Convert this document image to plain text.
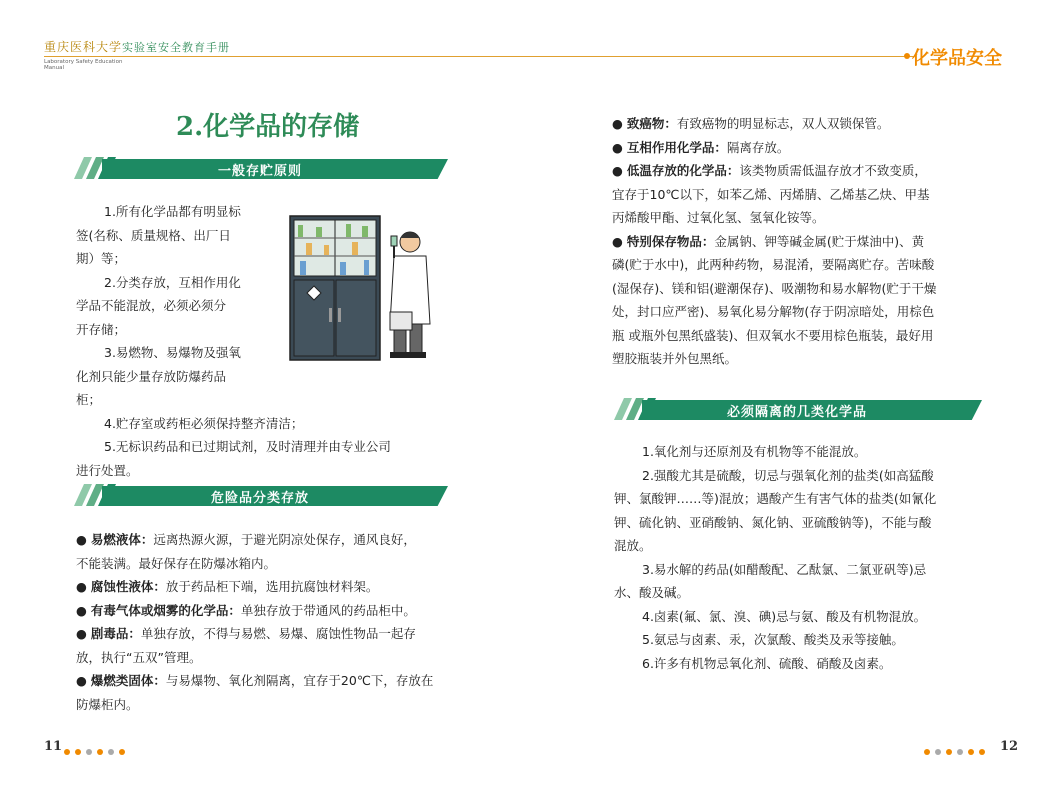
重庆医科大学实验室安全教育手册
Laboratory Safety Education
Manual	化学品安全
2.化学品的存储
一般存贮原则
1.所有化学品都有明显标
签(名称、质量规格、出厂日
期）等；
2.分类存放，互相作用化
学品不能混放，必须必须分
开存储；
3.易燃物、易爆物及强氧
化剂只能少量存放防爆药品
柜；
4.贮存室或药柜必须保持整齐清洁；
5.无标识药品和已过期试剂，及时清理并由专业公司
进行处置。
危险品分类存放
● 易燃液体：远离热源火源，于避光阴凉处保存，通风良好，
不能装满。最好保存在防爆冰箱内。
● 腐蚀性液体：放于药品柜下端，选用抗腐蚀材料架。
● 有毒气体或烟雾的化学品：单独存放于带通风的药品柜中。
● 剧毒品：单独存放，不得与易燃、易爆、腐蚀性物品一起存
放，执行“五双”管理。
● 爆燃类固体：与易爆物、氧化剂隔离，宜存于20℃下，存放在
防爆柜内。
● 致癌物：有致癌物的明显标志，双人双锁保管。
● 互相作用化学品：隔离存放。
● 低温存放的化学品：该类物质需低温存放才不致变质，
宜存于10℃以下，如苯乙烯、丙烯腈、乙烯基乙炔、甲基
丙烯酸甲酯、过氧化氢、氢氧化铵等。
● 特别保存物品：金属钠、钾等碱金属(贮于煤油中)、黄
磷(贮于水中)，此两种药物，易混淆，要隔离贮存。苦味酸
(湿保存)、镁和铝(避潮保存)、吸潮物和易水解物(贮于干燥
处，封口应严密)、易氧化易分解物(存于阴凉暗处，用棕色
瓶 或瓶外包黑纸盛装)、但双氧水不要用棕色瓶装，最好用
塑胶瓶装并外包黑纸。
必须隔离的几类化学品
1.氧化剂与还原剂及有机物等不能混放。
2.强酸尤其是硫酸，切忌与强氧化剂的盐类(如高猛酸
钾、氯酸钾……等)混放；遇酸产生有害气体的盐类(如氰化
钾、硫化钠、亚硝酸钠、氮化钠、亚硫酸钠等)，不能与酸
混放。
3.易水解的药品(如醋酸配、乙酞氯、二氯亚矾等)忌
水、酸及碱。
4.卤素(氟、氯、溴、碘)忌与氨、酸及有机物混放。
5.氨忌与卤素、汞，次氯酸、酸类及汞等接触。
6.许多有机物忌氧化剂、硫酸、硝酸及卤素。
11	12
